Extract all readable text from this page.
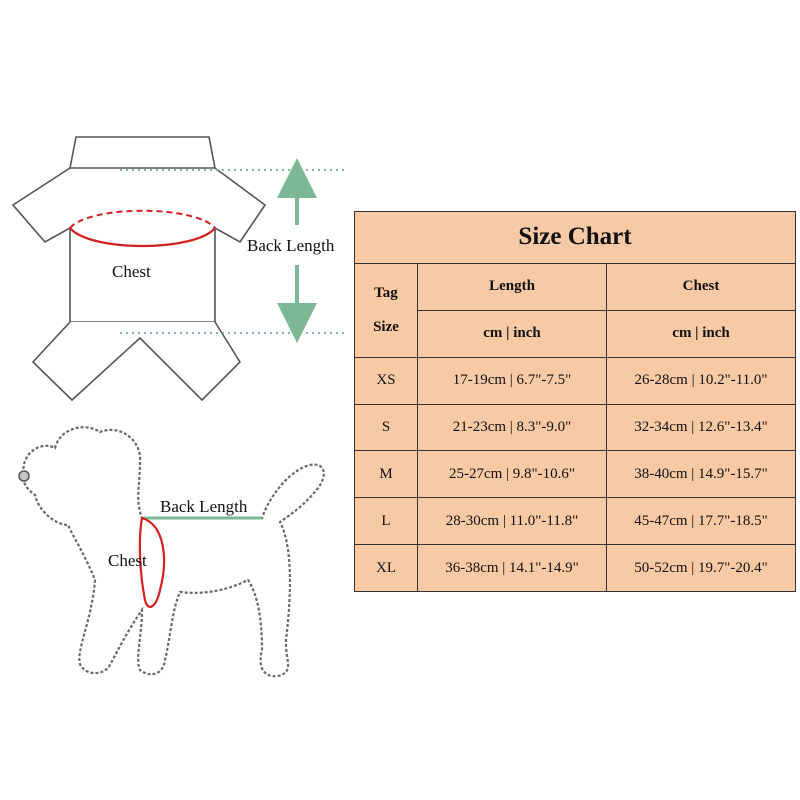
Back Length
Chest
Back Length
Chest
Size Chart		

Tag
Size	Length	Chest
	cm | inch	cm | inch
XS	17-19cm | 6.7"-7.5"	26-28cm | 10.2"-11.0"
S	21-23cm | 8.3"-9.0"	32-34cm | 12.6"-13.4"
M	25-27cm | 9.8"-10.6"	38-40cm | 14.9"-15.7"
L	28-30cm | 11.0"-11.8"	45-47cm | 17.7"-18.5"
XL	36-38cm | 14.1"-14.9"	50-52cm | 19.7"-20.4"
